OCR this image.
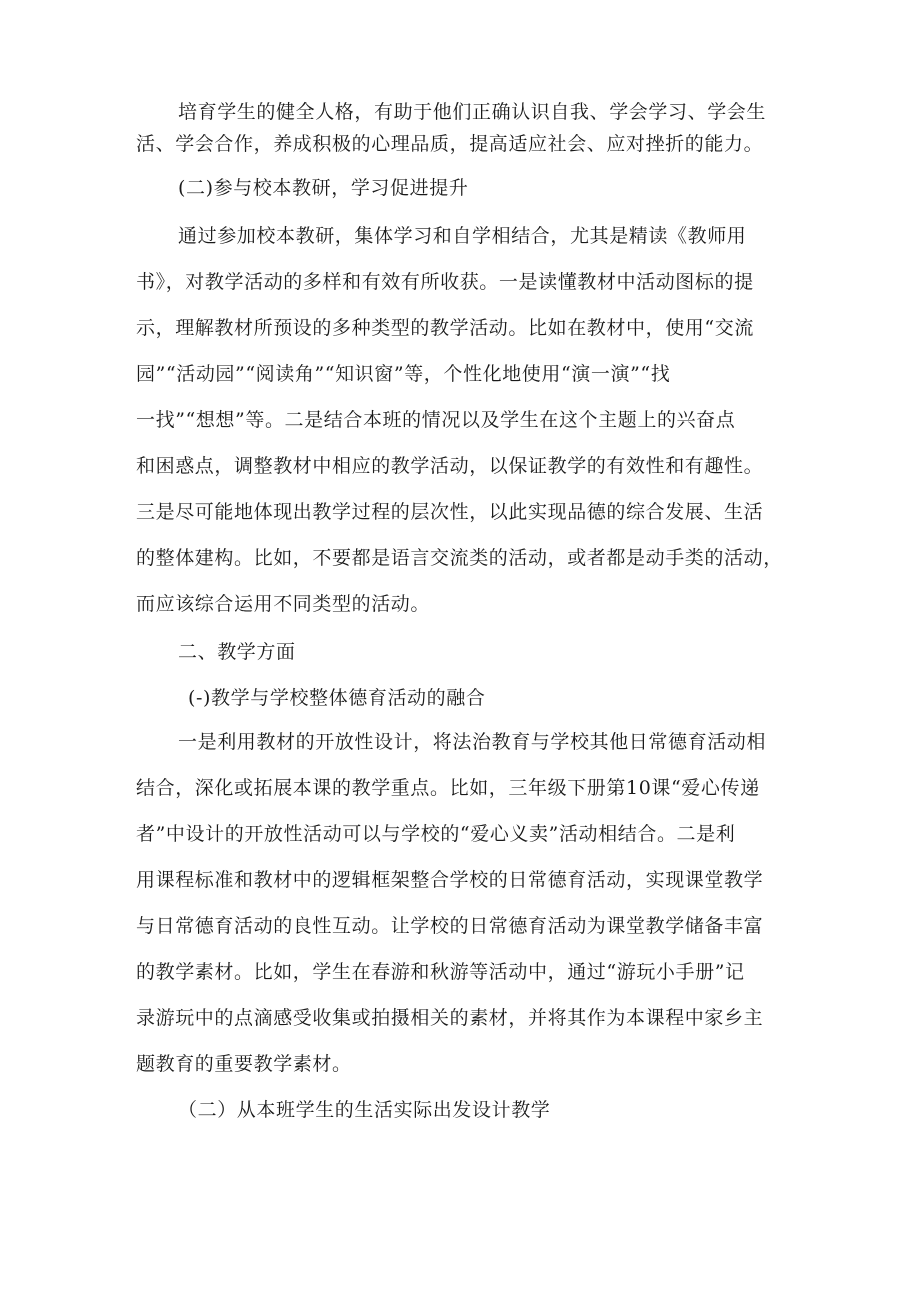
培育学生的健全人格，有助于他们正确认识自我、学会学习、学会生
活、学会合作，养成积极的心理品质，提高适应社会、应对挫折的能力。
(二)参与校本教研，学习促进提升
通过参加校本教研，集体学习和自学相结合，尤其是精读《教师用
书》，对教学活动的多样和有效有所收获。一是读懂教材中活动图标的提
示，理解教材所预设的多种类型的教学活动。比如在教材中，使用“交流
园”“活动园”“阅读角”“知识窗”等，个性化地使用“演一演”“找
一找”“想想”等。二是结合本班的情况以及学生在这个主题上的兴奋点
和困惑点，调整教材中相应的教学活动，以保证教学的有效性和有趣性。
三是尽可能地体现出教学过程的层次性，以此实现品德的综合发展、生活
的整体建构。比如，不要都是语言交流类的活动，或者都是动手类的活动，
而应该综合运用不同类型的活动。
二、教学方面
(-)教学与学校整体德育活动的融合
一是利用教材的开放性设计，将法治教育与学校其他日常德育活动相
结合，深化或拓展本课的教学重点。比如，三年级下册第10课“爱心传递
者”中设计的开放性活动可以与学校的“爱心义卖”活动相结合。二是利
用课程标准和教材中的逻辑框架整合学校的日常德育活动，实现课堂教学
与日常德育活动的良性互动。让学校的日常德育活动为课堂教学储备丰富
的教学素材。比如，学生在春游和秋游等活动中，通过“游玩小手册”记
录游玩中的点滴感受收集或拍摄相关的素材，并将其作为本课程中家乡主
题教育的重要教学素材。
（二）从本班学生的生活实际出发设计教学
